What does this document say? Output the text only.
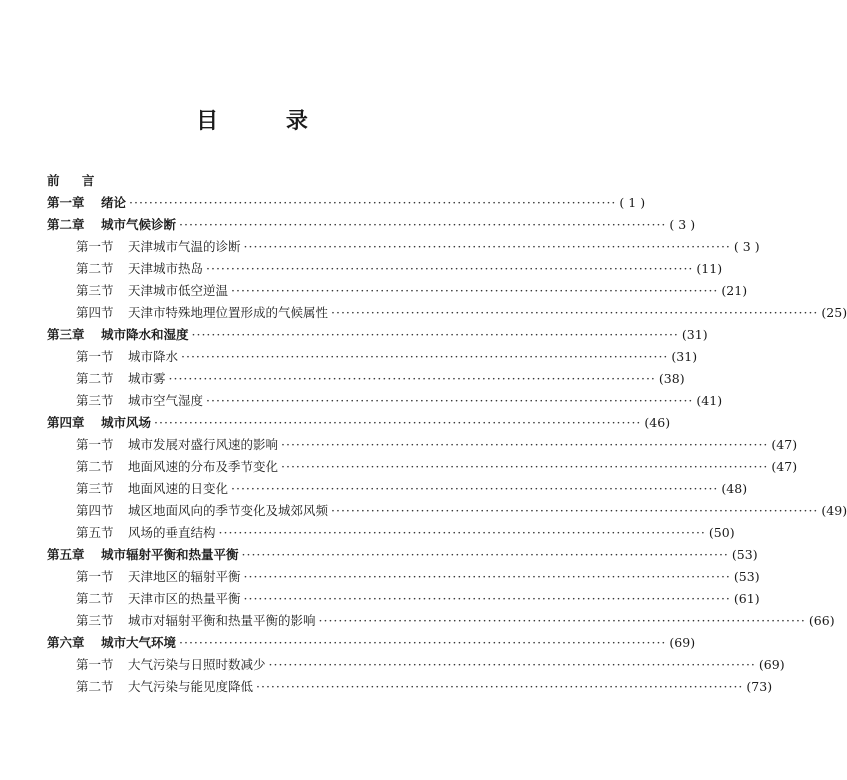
目 录
前 言
第一章	绪论 ·································································································· ( 1 )
第二章	城市气候诊断 ·································································································· ( 3 )
第一节	天津城市气温的诊断 ·································································································· ( 3 )
第二节	天津城市热岛 ·································································································· (11)
第三节	天津城市低空逆温 ·································································································· (21)
第四节	天津市特殊地理位置形成的气候属性 ·································································································· (25)
第三章	城市降水和湿度 ·································································································· (31)
第一节	城市降水 ·································································································· (31)
第二节	城市雾 ·································································································· (38)
第三节	城市空气湿度 ·································································································· (41)
第四章	城市风场 ·································································································· (46)
第一节	城市发展对盛行风速的影响 ·································································································· (47)
第二节	地面风速的分布及季节变化 ·································································································· (47)
第三节	地面风速的日变化 ·································································································· (48)
第四节	城区地面风向的季节变化及城郊风频 ·································································································· (49)
第五节	风场的垂直结构 ·································································································· (50)
第五章	城市辐射平衡和热量平衡 ·································································································· (53)
第一节	天津地区的辐射平衡 ·································································································· (53)
第二节	天津市区的热量平衡 ·································································································· (61)
第三节	城市对辐射平衡和热量平衡的影响 ·································································································· (66)
第六章	城市大气环境 ·································································································· (69)
第一节	大气污染与日照时数减少 ·································································································· (69)
第二节	大气污染与能见度降低 ·································································································· (73)
